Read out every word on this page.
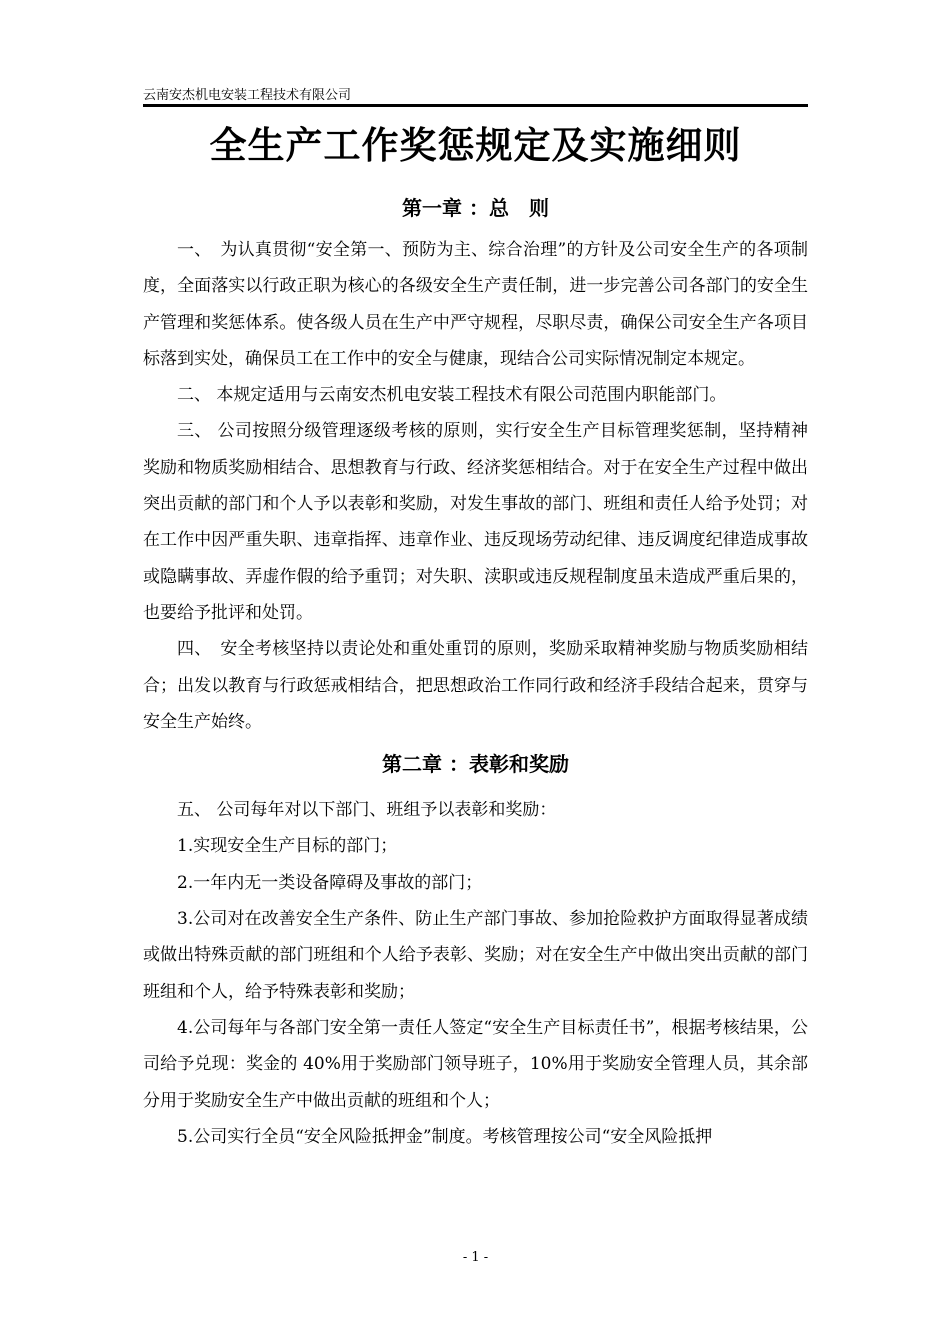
云南安杰机电安装工程技术有限公司
全生产工作奖惩规定及实施细则

第一章 ：总　则

一、　为认真贯彻“安全第一、预防为主、综合治理”的方针及公司安全生产的各项制度，全面落实以行政正职为核心的各级安全生产责任制，进一步完善公司各部门的安全生产管理和奖惩体系。使各级人员在生产中严守规程，尽职尽责，确保公司安全生产各项目标落到实处，确保员工在工作中的安全与健康，现结合公司实际情况制定本规定。

二、 本规定适用与云南安杰机电安装工程技术有限公司范围内职能部门。

三、 公司按照分级管理逐级考核的原则，实行安全生产目标管理奖惩制，坚持精神奖励和物质奖励相结合、思想教育与行政、经济奖惩相结合。对于在安全生产过程中做出突出贡献的部门和个人予以表彰和奖励，对发生事故的部门、班组和责任人给予处罚；对在工作中因严重失职、违章指挥、违章作业、违反现场劳动纪律、违反调度纪律造成事故或隐瞒事故、弄虚作假的给予重罚；对失职、渎职或违反规程制度虽未造成严重后果的，也要给予批评和处罚。

四、　安全考核坚持以责论处和重处重罚的原则，奖励采取精神奖励与物质奖励相结合；出发以教育与行政惩戒相结合，把思想政治工作同行政和经济手段结合起来，贯穿与安全生产始终。

第二章 ：表彰和奖励

五、 公司每年对以下部门、班组予以表彰和奖励：

1.实现安全生产目标的部门；

2.一年内无一类设备障碍及事故的部门；

3.公司对在改善安全生产条件、防止生产部门事故、参加抢险救护方面取得显著成绩或做出特殊贡献的部门班组和个人给予表彰、奖励；对在安全生产中做出突出贡献的部门班组和个人，给予特殊表彰和奖励；

4.公司每年与各部门安全第一责任人签定“安全生产目标责任书”，根据考核结果，公司给予兑现：奖金的 40%用于奖励部门领导班子，10%用于奖励安全管理人员，其余部分用于奖励安全生产中做出贡献的班组和个人；

5.公司实行全员“安全风险抵押金”制度。考核管理按公司“安全风险抵押

- 1 -
